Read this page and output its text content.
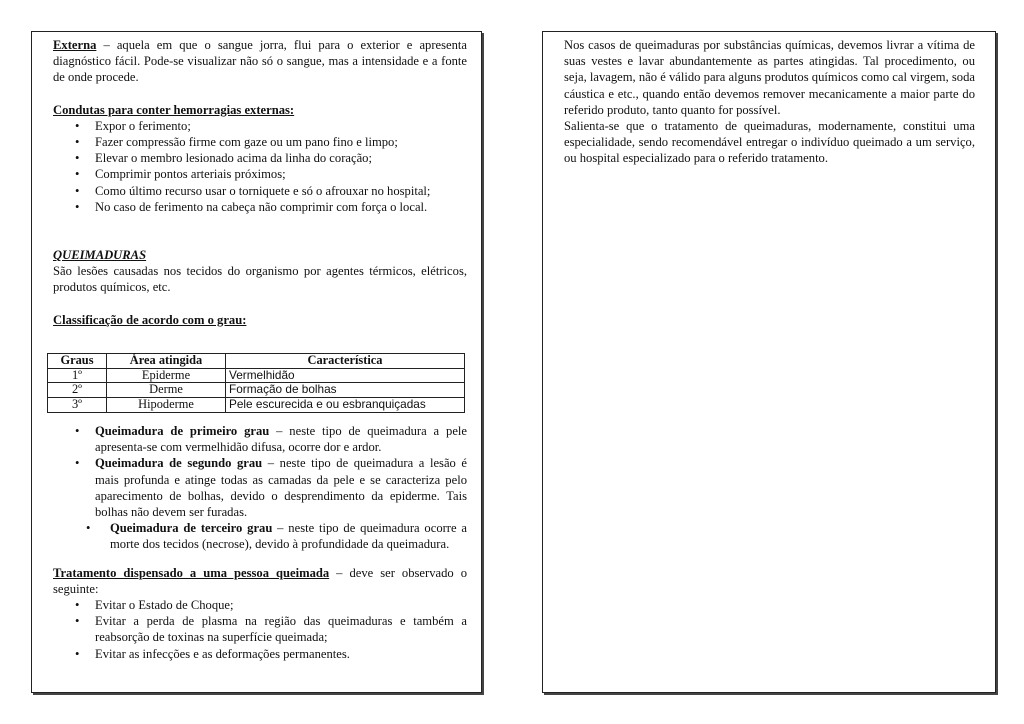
Externa – aquela em que o sangue jorra, flui para o exterior e apresenta diagnóstico fácil. Pode-se visualizar não só o sangue, mas a intensidade e a fonte de onde procede.

Condutas para conter hemorragias externas:

• Expor o ferimento;
• Fazer compressão firme com gaze ou um pano fino e limpo;
• Elevar o membro lesionado acima da linha do coração;
• Comprimir pontos arteriais próximos;
• Como último recurso usar o torniquete e só o afrouxar no hospital;
• No caso de ferimento na cabeça não comprimir com força o local.

QUEIMADURAS

São lesões causadas nos tecidos do organismo por agentes térmicos, elétricos, produtos químicos, etc.

Classificação de acordo com o grau:

Graus	Área atingida	Característica
1º	Epiderme	Vermelhidão
2º	Derme	Formação de bolhas
3º	Hipoderme	Pele escurecida e ou esbranquiçadas
• Queimadura de primeiro grau – neste tipo de queimadura a pele apresenta-se com vermelhidão difusa, ocorre dor e ardor.
• Queimadura de segundo grau – neste tipo de queimadura a lesão é mais profunda e atinge todas as camadas da pele e se caracteriza pelo aparecimento de bolhas, devido o desprendimento da epiderme. Tais bolhas não devem ser furadas.
• Queimadura de terceiro grau – neste tipo de queimadura ocorre a morte dos tecidos (necrose), devido à profundidade da queimadura.

Tratamento dispensado a uma pessoa queimada – deve ser observado o seguinte:

• Evitar o Estado de Choque;
• Evitar a perda de plasma na região das queimaduras e também a reabsorção de toxinas na superfície queimada;
• Evitar as infecções e as deformações permanentes.

Nos casos de queimaduras por substâncias químicas, devemos livrar a vítima de suas vestes e lavar abundantemente as partes atingidas. Tal procedimento, ou seja, lavagem, não é válido para alguns produtos químicos como cal virgem, soda cáustica e etc., quando então devemos remover mecanicamente a maior parte do referido produto, tanto quanto for possível.

Salienta-se que o tratamento de queimaduras, modernamente, constitui uma especialidade, sendo recomendável entregar o indivíduo queimado a um serviço, ou hospital especializado para o referido tratamento.
